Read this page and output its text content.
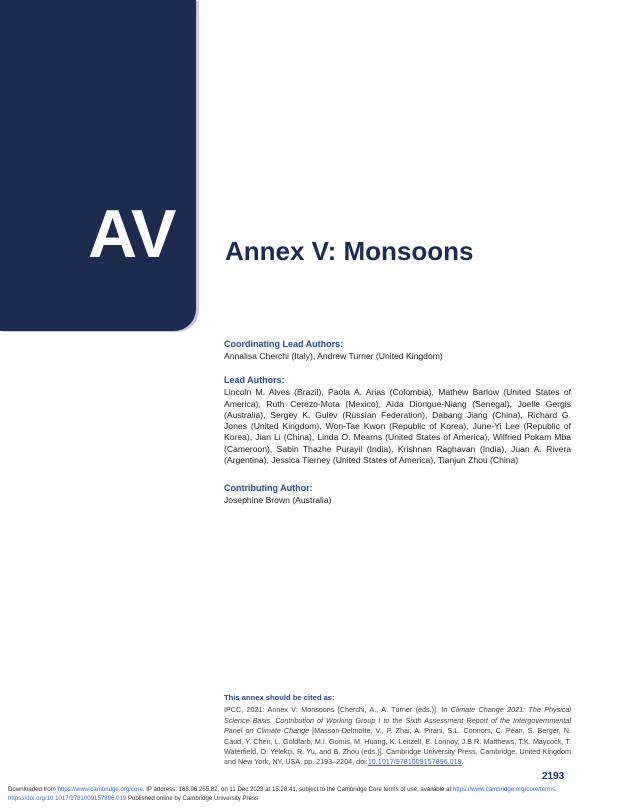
AV Annex V: Monsoons
Coordinating Lead Authors:
Annalisa Cherchi (Italy), Andrew Turner (United Kingdom)
Lead Authors:
Lincoln M. Alves (Brazil), Paola A. Arias (Colombia), Mathew Barlow (United States of America), Ruth Cerezo-Mota (Mexico), Aïda Diongue-Niang (Senegal), Joelle Gergis (Australia), Sergey K. Gulev (Russian Federation), Dabang Jiang (China), Richard G. Jones (United Kingdom), Won-Tae Kwon (Republic of Korea), June-Yi Lee (Republic of Korea), Jian Li (China), Linda O. Mearns (United States of America), Wilfried Pokam Mba (Cameroon), Sabin Thazhe Purayil (India), Krishnan Raghavan (India), Juan A. Rivera (Argentina), Jessica Tierney (United States of America), Tianjun Zhou (China)
Contributing Author:
Josephine Brown (Australia)
This annex should be cited as:
IPCC, 2021: Annex V: Monsoons [Cherchi, A., A. Turner (eds.)]. In Climate Change 2021: The Physical Science Basis. Contribution of Working Group I to the Sixth Assessment Report of the Intergovernmental Panel on Climate Change [Masson-Delmotte, V., P. Zhai, A. Pirani, S.L. Connors, C. Péan, S. Berger, N. Caud, Y. Chen, L. Goldfarb, M.I. Gomis, M. Huang, K. Leitzell, E. Lonnoy, J.B.R. Matthews, T.K. Maycock, T. Waterfield, O. Yelekçi, R. Yu, and B. Zhou (eds.)]. Cambridge University Press, Cambridge, United Kingdom and New York, NY, USA, pp. 2193–2204, doi:10.1017/9781009157896.019.
2193
Downloaded from https://www.cambridge.org/core. IP address: 168.96.255.82, on 11 Dec 2023 at 15:28:41, subject to the Cambridge Core terms of use, available at https://www.cambridge.org/core/terms.
https://doi.org/10.1017/9781009157896.019 Published online by Cambridge University Press
